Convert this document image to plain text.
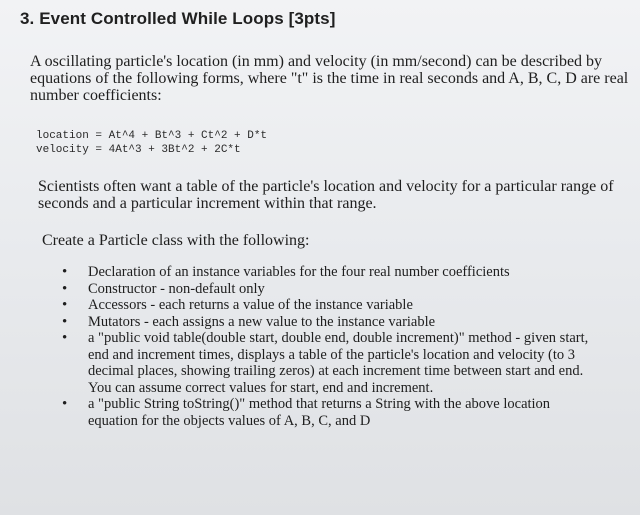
3. Event Controlled While Loops [3pts]
A oscillating particle's location (in mm) and velocity (in mm/second) can be described by equations of the following forms, where "t" is the time in real seconds and A, B, C, D are real number coefficients:
location = At^4 + Bt^3 + Ct^2 + D*t
velocity = 4At^3 + 3Bt^2 + 2C*t
Scientists often want a table of the particle's location and velocity for a particular range of seconds and a particular increment within that range.
Create a Particle class with the following:
• Declaration of an instance variables for the four real number coefficients
• Constructor - non-default only
• Accessors - each returns a value of the instance variable
• Mutators - each assigns a new value to the instance variable
• a "public void table(double start, double end, double increment)" method - given start, end and increment times, displays a table of the particle's location and velocity (to 3 decimal places, showing trailing zeros) at each increment time between start and end. You can assume correct values for start, end and increment.
• a "public String toString()" method that returns a String with the above location equation for the objects values of A, B, C, and D
